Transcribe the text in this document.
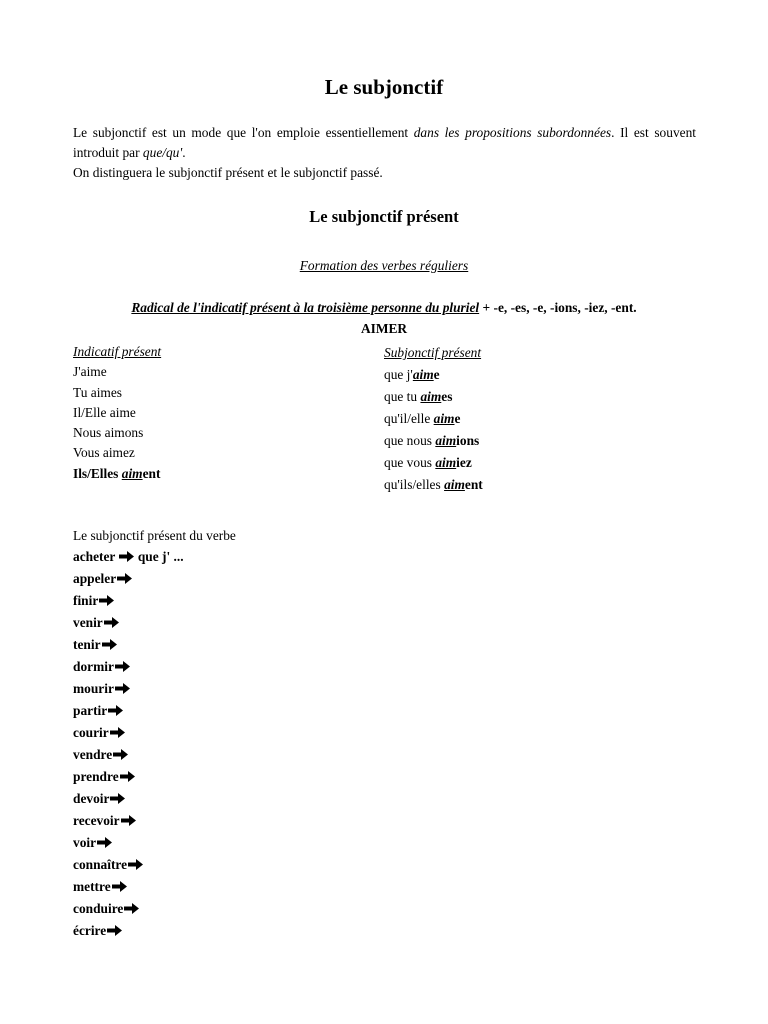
Le subjonctif

Le subjonctif est un mode que l'on emploie essentiellement dans les propositions subordonnées. Il est souvent introduit par que/qu'.

On distinguera le subjonctif présent et le subjonctif passé.

Le subjonctif présent
Formation des verbes réguliers
Radical de l'indicatif présent à la troisième personne du pluriel + -e, -es, -e, -ions, -iez, -ent.
AIMER
Indicatif présent
J'aime
Tu aimes
Il/Elle aime
Nous aimons
Vous aimez
Ils/Elles aiment
Subjonctif présent
que j'aime
que tu aimes
qu'il/elle aime
que nous aimions
que vous aimiez
qu'ils/elles aiment
Le subjonctif présent du verbe
acheter
que j' ...
appeler
finir
venir
tenir
dormir
mourir
partir
courir
vendre
prendre
devoir
recevoir
voir
connaître
mettre
conduire
écrire
